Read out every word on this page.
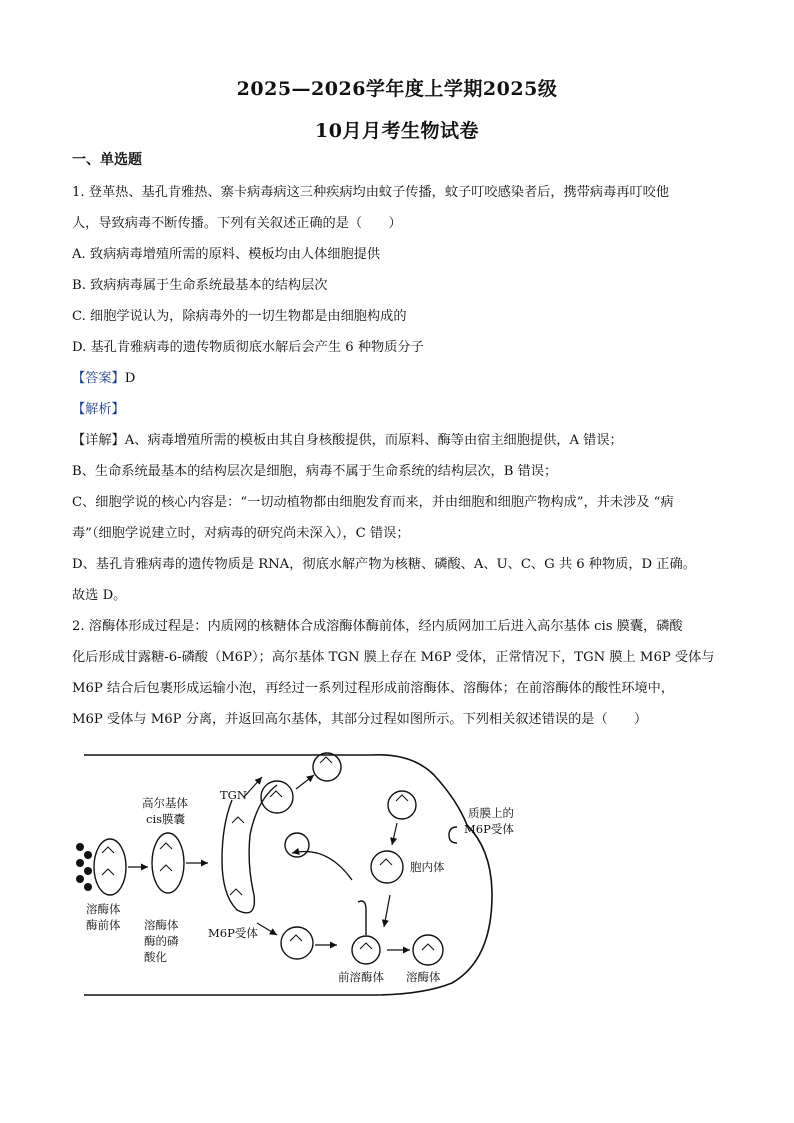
2025—2026学年度上学期2025级
10月月考生物试卷
一、单选题
1. 登革热、基孔肯雅热、寨卡病毒病这三种疾病均由蚊子传播，蚊子叮咬感染者后，携带病毒再叮咬他
人，导致病毒不断传播。下列有关叙述正确的是（　　）
A. 致病病毒增殖所需的原料、模板均由人体细胞提供
B. 致病病毒属于生命系统最基本的结构层次
C. 细胞学说认为，除病毒外的一切生物都是由细胞构成的
D. 基孔肯雅病毒的遗传物质彻底水解后会产生 6 种物质分子
【答案】D
【解析】
【详解】A、病毒增殖所需的模板由其自身核酸提供，而原料、酶等由宿主细胞提供，A 错误；
B、生命系统最基本的结构层次是细胞，病毒不属于生命系统的结构层次，B 错误；
C、细胞学说的核心内容是：“一切动植物都由细胞发育而来，并由细胞和细胞产物构成”，并未涉及 “病
毒”（细胞学说建立时，对病毒的研究尚未深入），C 错误；
D、基孔肯雅病毒的遗传物质是 RNA，彻底水解产物为核糖、磷酸、A、U、C、G 共 6 种物质，D 正确。
故选 D。
2. 溶酶体形成过程是：内质网的核糖体合成溶酶体酶前体，经内质网加工后进入高尔基体 cis 膜囊，磷酸
化后形成甘露糖-6-磷酸（M6P）；高尔基体 TGN 膜上存在 M6P 受体，正常情况下，TGN 膜上 M6P 受体与
M6P 结合后包裹形成运输小泡，再经过一系列过程形成前溶酶体、溶酶体；在前溶酶体的酸性环境中，
M6P 受体与 M6P 分离，并返回高尔基体，其部分过程如图所示。下列相关叙述错误的是（　　）
高尔基体
cis膜囊
TGN
质膜上的
M6P受体
胞内体
溶酶体
酶前体 溶酶体
酶的磷
酸化
M6P受体
前溶酶体 溶酶体
